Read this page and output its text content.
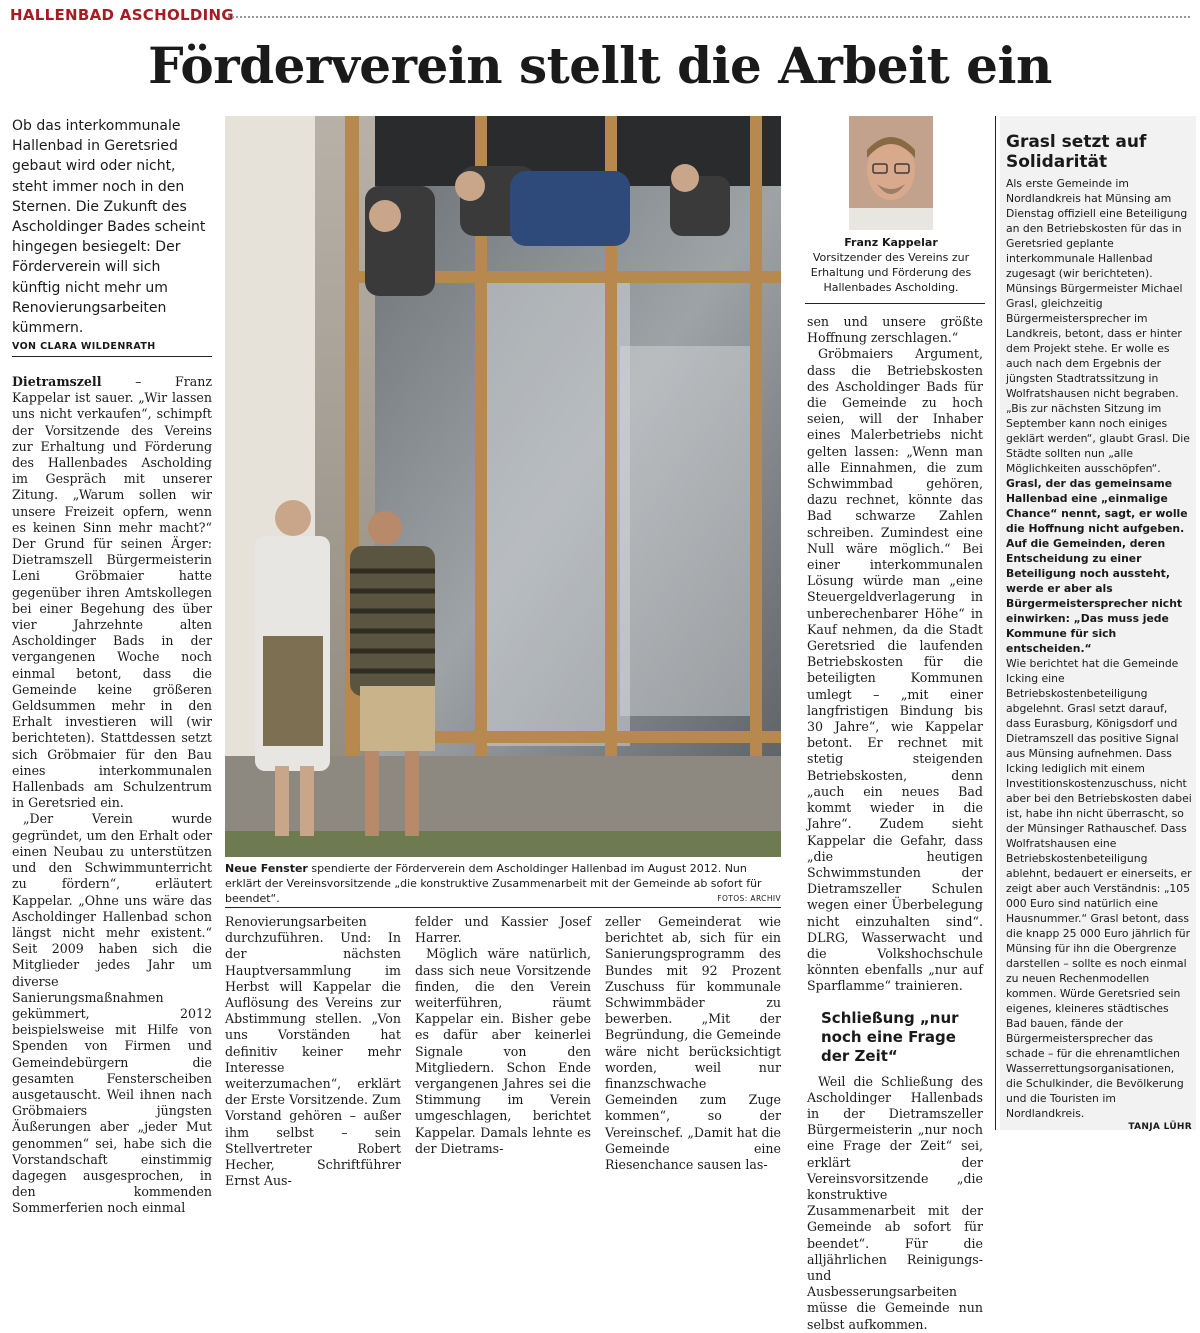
HALLENBAD ASCHOLDING
Förderverein stellt die Arbeit ein

Ob das interkommunale Hallenbad in Geretsried gebaut wird oder nicht, steht immer noch in den Sternen. Die Zukunft des Ascholdinger Bades scheint hingegen besiegelt: Der Förderverein will sich künftig nicht mehr um Renovierungsarbeiten kümmern.

VON CLARA WILDENRATH

Dietramszell – Franz Kappelar ist sauer. „Wir lassen uns nicht verkaufen“, schimpft der Vorsitzende des Vereins zur Erhaltung und Förderung des Hallenbades Ascholding im Gespräch mit unserer Zitung. „Warum sollen wir unsere Freizeit opfern, wenn es keinen Sinn mehr macht?“ Der Grund für seinen Ärger: Dietramszell Bürgermeisterin Leni Gröbmaier hatte gegenüber ihren Amtskollegen bei einer Begehung des über vier Jahrzehnte alten Ascholdinger Bads in der vergangenen Woche noch einmal betont, dass die Gemeinde keine größeren Geldsummen mehr in den Erhalt investieren will (wir berichteten). Stattdessen setzt sich Gröbmaier für den Bau eines interkommunalen Hallenbads am Schulzentrum in Geretsried ein.

„Der Verein wurde gegründet, um den Erhalt oder einen Neubau zu unterstützen und den Schwimmunterricht zu fördern“, erläutert Kappelar. „Ohne uns wäre das Ascholdinger Hallenbad schon längst nicht mehr existent.“ Seit 2009 haben sich die Mitglieder jedes Jahr um diverse Sanierungsmaßnahmen gekümmert, 2012 beispielsweise mit Hilfe von Spenden von Firmen und Gemeindebürgern die gesamten Fensterscheiben ausgetauscht. Weil ihnen nach Gröbmaiers jüngsten Äußerungen aber „jeder Mut genommen“ sei, habe sich die Vorstandschaft einstimmig dagegen ausgesprochen, in den kommenden Sommerferien noch einmal

Neue Fenster spendierte der Förderverein dem Ascholdinger Hallenbad im August 2012. Nun erklärt der Vereinsvorsitzende „die konstruktive Zusammenarbeit mit der Gemeinde ab sofort für beendet“.	FOTOS: ARCHIV

Renovierungsarbeiten durchzuführen. Und: In der nächsten Hauptversammlung im Herbst will Kappelar die Auflösung des Vereins zur Abstimmung stellen. „Von uns Vorständen hat definitiv keiner mehr Interesse weiterzumachen“, erklärt der Erste Vorsitzende. Zum Vorstand gehören – außer ihm selbst – sein Stellvertreter Robert Hecher, Schriftführer Ernst Aus-

felder und Kassier Josef Harrer.

Möglich wäre natürlich, dass sich neue Vorsitzende finden, die den Verein weiterführen, räumt Kappelar ein. Bisher gebe es dafür aber keinerlei Signale von den Mitgliedern. Schon Ende vergangenen Jahres sei die Stimmung im Verein umgeschlagen, berichtet Kappelar. Damals lehnte es der Dietrams-

zeller Gemeinderat wie berichtet ab, sich für ein Sanierungsprogramm des Bundes mit 92 Prozent Zuschuss für kommunale Schwimmbäder zu bewerben. „Mit der Begründung, die Gemeinde wäre nicht berücksichtigt worden, weil nur finanzschwache Gemeinden zum Zuge kommen“, so der Vereinschef. „Damit hat die Gemeinde eine Riesenchance sausen las-

Franz Kappelar

Vorsitzender des Vereins zur Erhaltung und Förderung des Hallenbades Ascholding.

sen und unsere größte Hoffnung zerschlagen.“

Gröbmaiers Argument, dass die Betriebskosten des Ascholdinger Bads für die Gemeinde zu hoch seien, will der Inhaber eines Malerbetriebs nicht gelten lassen: „Wenn man alle Einnahmen, die zum Schwimmbad gehören, dazu rechnet, könnte das Bad schwarze Zahlen schreiben. Zumindest eine Null wäre möglich.“ Bei einer interkommunalen Lösung würde man „eine Steuergeldverlagerung in unberechenbarer Höhe“ in Kauf nehmen, da die Stadt Geretsried die laufenden Betriebskosten für die beteiligten Kommunen umlegt – „mit einer langfristigen Bindung bis 30 Jahre“, wie Kappelar betont. Er rechnet mit stetig steigenden Betriebskosten, denn „auch ein neues Bad kommt wieder in die Jahre“. Zudem sieht Kappelar die Gefahr, dass „die heutigen Schwimmstunden der Dietramszeller Schulen wegen einer Überbelegung nicht einzuhalten sind“. DLRG, Wasserwacht und die Volkshochschule könnten ebenfalls „nur auf Sparflamme“ trainieren.

Schließung „nur noch eine Frage der Zeit“

Weil die Schließung des Ascholdinger Hallenbads in der Dietramszeller Bürgermeisterin „nur noch eine Frage der Zeit“ sei, erklärt der Vereinsvorsitzende „die konstruktive Zusammenarbeit mit der Gemeinde ab sofort für beendet“. Für die alljährlichen Reinigungs- und Ausbesserungsarbeiten müsse die Gemeinde nun selbst aufkommen.

Grasl setzt auf Solidarität

Als erste Gemeinde im Nordlandkreis hat Münsing am Dienstag offiziell eine Beteiligung an den Betriebskosten für das in Geretsried geplante interkommunale Hallenbad zugesagt (wir berichteten). Münsings Bürgermeister Michael Grasl, gleichzeitig Bürgermeistersprecher im Landkreis, betont, dass er hinter dem Projekt stehe. Er wolle es auch nach dem Ergebnis der jüngsten Stadtratssitzung in Wolfratshausen nicht begraben. „Bis zur nächsten Sitzung im September kann noch einiges geklärt werden“, glaubt Grasl. Die Städte sollten nun „alle Möglichkeiten ausschöpfen“. Grasl, der das gemeinsame Hallenbad eine „einmalige Chance“ nennt, sagt, er wolle die Hoffnung nicht aufgeben. Auf die Gemeinden, deren Entscheidung zu einer Beteiligung noch aussteht, werde er aber als Bürgermeistersprecher nicht einwirken: „Das muss jede Kommune für sich entscheiden.“

Wie berichtet hat die Gemeinde Icking eine Betriebskostenbeteiligung abgelehnt. Grasl setzt darauf, dass Eurasburg, Königsdorf und Dietramszell das positive Signal aus Münsing aufnehmen. Dass Icking lediglich mit einem Investitionskostenzuschuss, nicht aber bei den Betriebskosten dabei ist, habe ihn nicht überrascht, so der Münsinger Rathauschef. Dass Wolfratshausen eine Betriebskostenbeteiligung ablehnt, bedauert er einerseits, er zeigt aber auch Verständnis: „105 000 Euro sind natürlich eine Hausnummer.“ Grasl betont, dass die knapp 25 000 Euro jährlich für Münsing für ihn die Obergrenze darstellen – sollte es noch einmal zu neuen Rechenmodellen kommen. Würde Geretsried sein eigenes, kleineres städtisches Bad bauen, fände der Bürgermeistersprecher das schade – für die ehrenamtlichen Wasserrettungsorganisationen, die Schulkinder, die Bevölkerung und die Touristen im Nordlandkreis.

TANJA LÜHR
